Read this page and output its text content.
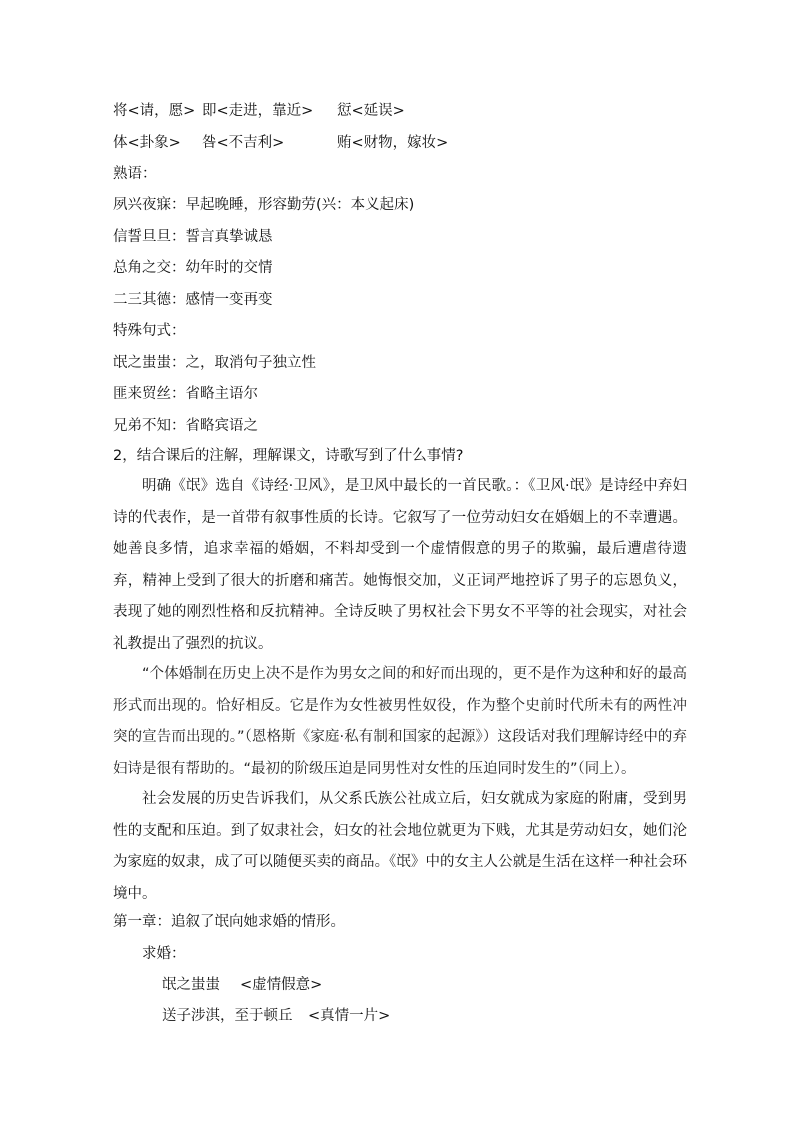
将<请，愿> 即<走进，靠近> 愆<延误>
体<卦象> 咎<不吉利>	贿<财物，嫁妆>
熟语：
夙兴夜寐：早起晚睡，形容勤劳(兴：本义起床)
信誓旦旦：誓言真挚诚恳
总角之交：幼年时的交情
二三其德：感情一变再变
特殊句式：
氓之蚩蚩：之，取消句子独立性
匪来贸丝：省略主语尔
兄弟不知：省略宾语之
2，结合课后的注解，理解课文，诗歌写到了什么事情?

明确《氓》选自《诗经·卫风》，是卫风中最长的一首民歌。：《卫风·氓》是诗经中弃妇诗的代表作，是一首带有叙事性质的长诗。它叙写了一位劳动妇女在婚姻上的不幸遭遇。她善良多情，追求幸福的婚姻，不料却受到一个虚情假意的男子的欺骗，最后遭虐待遗弃，精神上受到了很大的折磨和痛苦。她悔恨交加，义正词严地控诉了男子的忘恩负义，表现了她的刚烈性格和反抗精神。全诗反映了男权社会下男女不平等的社会现实，对社会礼教提出了强烈的抗议。

“个体婚制在历史上决不是作为男女之间的和好而出现的，更不是作为这种和好的最高形式而出现的。恰好相反。它是作为女性被男性奴役，作为整个史前时代所未有的两性冲突的宣告而出现的。”（恩格斯《家庭·私有制和国家的起源》）这段话对我们理解诗经中的弃妇诗是很有帮助的。“最初的阶级压迫是同男性对女性的压迫同时发生的”（同上）。

社会发展的历史告诉我们，从父系氏族公社成立后，妇女就成为家庭的附庸，受到男性的支配和压迫。到了奴隶社会，妇女的社会地位就更为下贱，尤其是劳动妇女，她们沦为家庭的奴隶，成了可以随便买卖的商品。《氓》中的女主人公就是生活在这样一种社会环境中。

第一章：追叙了氓向她求婚的情形。
求婚：
氓之蚩蚩 <虚情假意>
送子涉淇，至于顿丘 <真情一片>
